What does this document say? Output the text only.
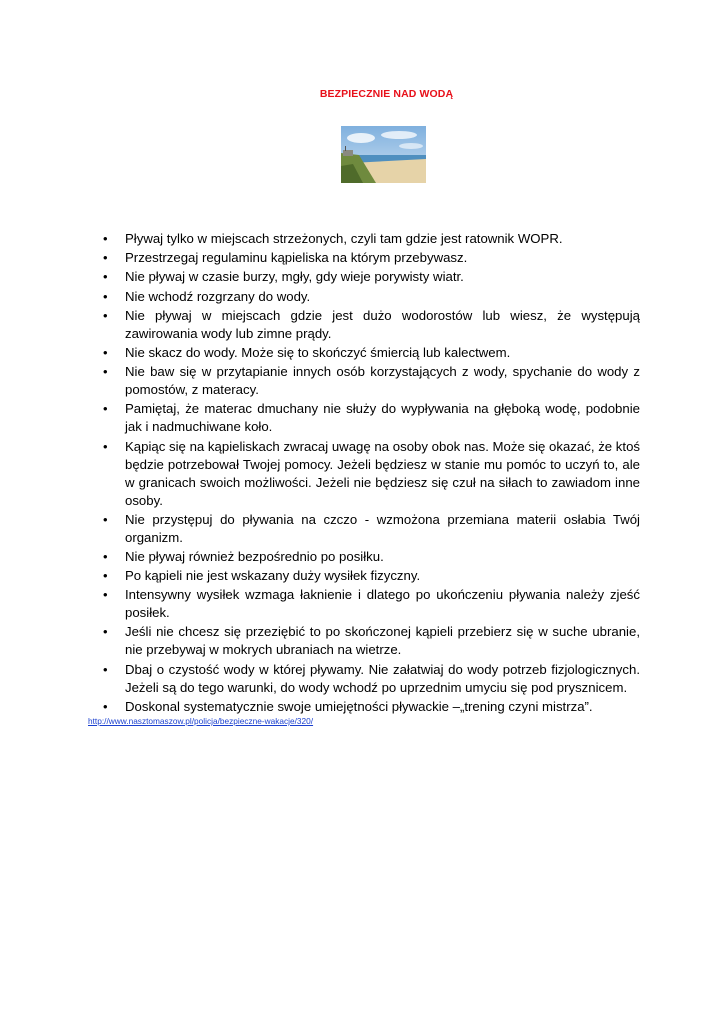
BEZPIECZNIE NAD WODĄ
• Pływaj tylko w miejscach strzeżonych, czyli tam gdzie jest ratownik WOPR.
• Przestrzegaj regulaminu kąpieliska na którym przebywasz.
• Nie pływaj w czasie burzy, mgły, gdy wieje porywisty wiatr.
• Nie wchodź rozgrzany do wody.
• Nie pływaj w miejscach gdzie jest dużo wodorostów lub wiesz, że występują zawirowania wody lub zimne prądy.
• Nie skacz do wody. Może się to skończyć śmiercią lub kalectwem.
• Nie baw się w przytapianie innych osób korzystających z wody, spychanie do wody z pomostów, z materacy.
• Pamiętaj, że materac dmuchany nie służy do wypływania na głęboką wodę, podobnie jak i nadmuchiwane koło.
• Kąpiąc się na kąpieliskach zwracaj uwagę na osoby obok nas. Może się okazać, że ktoś będzie potrzebował Twojej pomocy. Jeżeli będziesz w stanie mu pomóc to uczyń to, ale w granicach swoich możliwości. Jeżeli nie będziesz się czuł na siłach to zawiadom inne osoby.
• Nie przystępuj do pływania na czczo - wzmożona przemiana materii osłabia Twój organizm.
• Nie pływaj również bezpośrednio po posiłku.
• Po kąpieli nie jest wskazany duży wysiłek fizyczny.
• Intensywny wysiłek wzmaga łaknienie i dlatego po ukończeniu pływania należy zjeść posiłek.
• Jeśli nie chcesz się przeziębić to po skończonej kąpieli przebierz się w suche ubranie, nie przebywaj w mokrych ubraniach na wietrze.
• Dbaj o czystość wody w której pływamy. Nie załatwiaj do wody potrzeb fizjologicznych. Jeżeli są do tego warunki, do wody wchodź po uprzednim umyciu się pod prysznicem.
• Doskonal systematycznie swoje umiejętności pływackie –„trening czyni mistrza”.
http://www.nasztomaszow.pl/policja/bezpieczne-wakacje/320/
